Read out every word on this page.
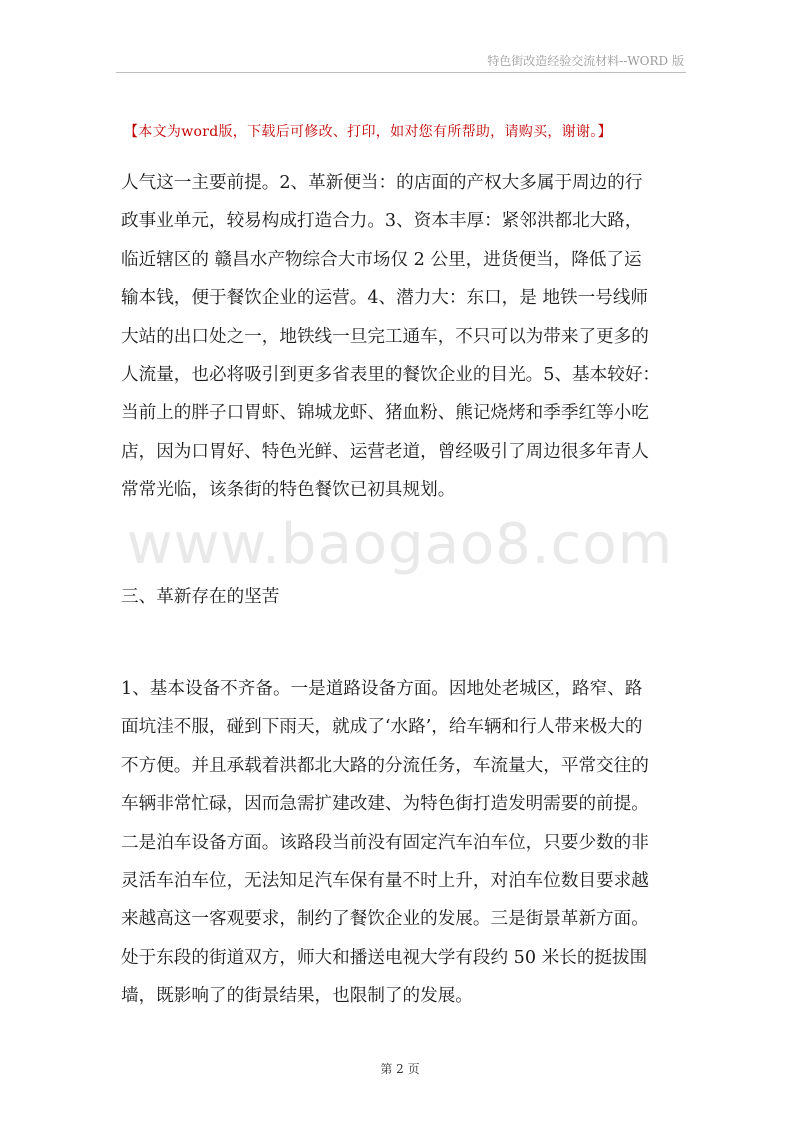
特色街改造经验交流材料--WORD 版
【本文为word版，下载后可修改、打印，如对您有所帮助，请购买，谢谢。】
人气这一主要前提。2、革新便当：的店面的产权大多属于周边的行
政事业单元，较易构成打造合力。3、资本丰厚：紧邻洪都北大路，
临近辖区的 赣昌水产物综合大市场仅 2 公里，进货便当，降低了运
输本钱，便于餐饮企业的运营。4、潜力大：东口，是 地铁一号线师
大站的出口处之一，地铁线一旦完工通车，不只可以为带来了更多的
人流量，也必将吸引到更多省表里的餐饮企业的目光。5、基本较好：
当前上的胖子口胃虾、锦城龙虾、猪血粉、熊记烧烤和季季红等小吃
店，因为口胃好、特色光鲜、运营老道，曾经吸引了周边很多年青人
常常光临，该条街的特色餐饮已初具规划。
www.baogao8.com
三、革新存在的坚苦
1、基本设备不齐备。一是道路设备方面。因地处老城区，路窄、路
面坑洼不服，碰到下雨天，就成了‘水路’，给车辆和行人带来极大的
不方便。并且承载着洪都北大路的分流任务，车流量大，平常交往的
车辆非常忙碌，因而急需扩建改建、为特色街打造发明需要的前提。
二是泊车设备方面。该路段当前没有固定汽车泊车位，只要少数的非
灵活车泊车位，无法知足汽车保有量不时上升，对泊车位数目要求越
来越高这一客观要求，制约了餐饮企业的发展。三是街景革新方面。
处于东段的街道双方，师大和播送电视大学有段约 50 米长的挺拔围
墙，既影响了的街景结果，也限制了的发展。
第 2 页
